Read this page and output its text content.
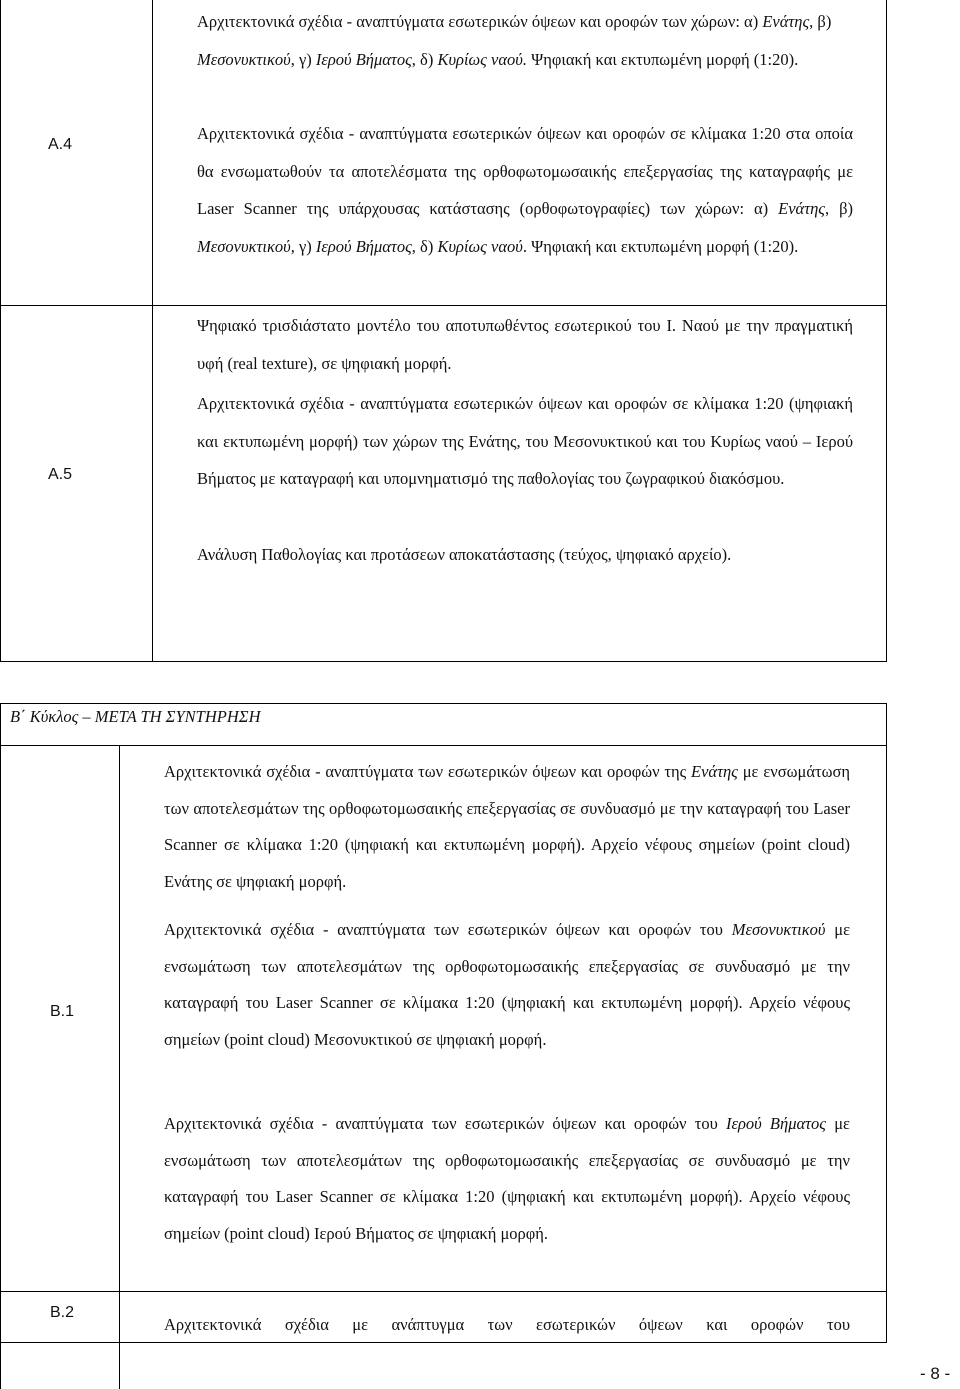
Α.4

Αρχιτεκτονικά σχέδια - αναπτύγματα εσωτερικών όψεων και οροφών των χώρων: α) Ενάτης, β) Μεσονυκτικού, γ) Ιερού Βήματος, δ) Κυρίως ναού. Ψηφιακή και εκτυπωμένη μορφή (1:20).

Αρχιτεκτονικά σχέδια - αναπτύγματα εσωτερικών όψεων και οροφών σε κλίμακα 1:20 στα οποία θα ενσωματωθούν τα αποτελέσματα της ορθοφωτομωσαικής επεξεργασίας της καταγραφής με Laser Scanner της υπάρχουσας κατάστασης (ορθοφωτογραφίες) των χώρων: α) Ενάτης, β) Μεσονυκτικού, γ) Ιερού Βήματος, δ) Κυρίως ναού. Ψηφιακή και εκτυπωμένη μορφή (1:20).

Α.5

Ψηφιακό τρισδιάστατο μοντέλο του αποτυπωθέντος εσωτερικού του Ι. Ναού με την πραγματική υφή (real texture), σε ψηφιακή μορφή.

Αρχιτεκτονικά σχέδια - αναπτύγματα εσωτερικών όψεων και οροφών σε κλίμακα 1:20 (ψηφιακή και εκτυπωμένη μορφή) των χώρων της Ενάτης, του Μεσονυκτικού και του Κυρίως ναού – Ιερού Βήματος με καταγραφή και υπομνηματισμό της παθολογίας του ζωγραφικού διακόσμου.

Ανάλυση Παθολογίας και προτάσεων αποκατάστασης (τεύχος, ψηφιακό αρχείο).

Β΄ Κύκλος – ΜΕΤΑ ΤΗ ΣΥΝΤΗΡΗΣΗ
Β.1

Αρχιτεκτονικά σχέδια - αναπτύγματα των εσωτερικών όψεων και οροφών της Ενάτης με ενσωμάτωση των αποτελεσμάτων της ορθοφωτομωσαικής επεξεργασίας σε συνδυασμό με την καταγραφή του Laser Scanner σε κλίμακα 1:20 (ψηφιακή και εκτυπωμένη μορφή). Αρχείο νέφους σημείων (point cloud) Ενάτης σε ψηφιακή μορφή.

Αρχιτεκτονικά σχέδια - αναπτύγματα των εσωτερικών όψεων και οροφών του Μεσονυκτικού με ενσωμάτωση των αποτελεσμάτων της ορθοφωτομωσαικής επεξεργασίας σε συνδυασμό με την καταγραφή του Laser Scanner σε κλίμακα 1:20 (ψηφιακή και εκτυπωμένη μορφή). Αρχείο νέφους σημείων (point cloud) Μεσονυκτικού σε ψηφιακή μορφή.

Αρχιτεκτονικά σχέδια - αναπτύγματα των εσωτερικών όψεων και οροφών του Ιερού Βήματος με ενσωμάτωση των αποτελεσμάτων της ορθοφωτομωσαικής επεξεργασίας σε συνδυασμό με την καταγραφή του Laser Scanner σε κλίμακα 1:20 (ψηφιακή και εκτυπωμένη μορφή). Αρχείο νέφους σημείων (point cloud) Ιερού Βήματος σε ψηφιακή μορφή.

Β.2

Αρχιτεκτονικά σχέδια με ανάπτυγμα των εσωτερικών όψεων και οροφών του

- 8 -
